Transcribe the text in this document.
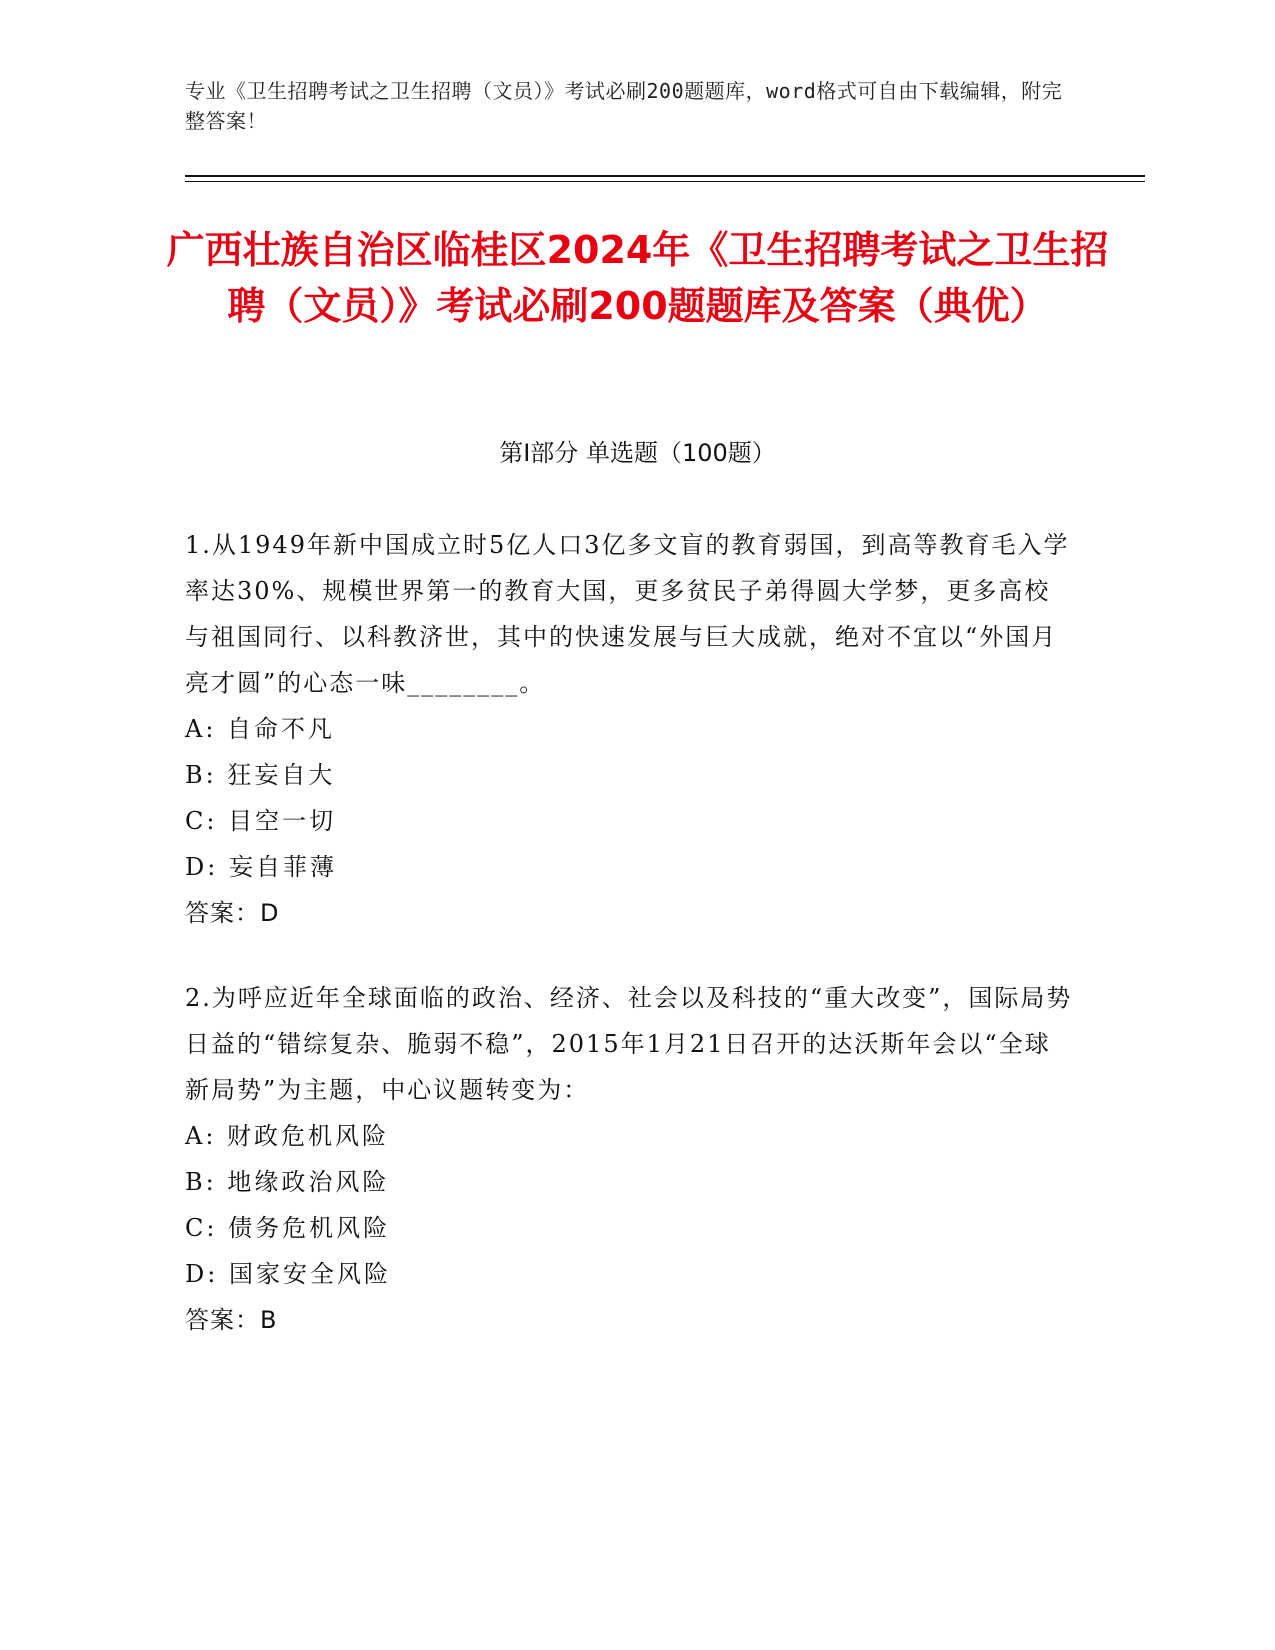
专业《卫生招聘考试之卫生招聘（文员）》考试必刷200题题库，word格式可自由下载编辑，附完整答案！
广西壮族自治区临桂区2024年《卫生招聘考试之卫生招聘（文员）》考试必刷200题题库及答案（典优）
第Ⅰ部分 单选题（100题）

1.从1949年新中国成立时5亿人口3亿多文盲的教育弱国，到高等教育毛入学率达30%、规模世界第一的教育大国，更多贫民子弟得圆大学梦，更多高校与祖国同行、以科教济世，其中的快速发展与巨大成就，绝对不宜以“外国月亮才圆”的心态一味________。

A: 自命不凡

B: 狂妄自大

C: 目空一切

D: 妄自菲薄

答案：D

2.为呼应近年全球面临的政治、经济、社会以及科技的“重大改变”，国际局势日益的“错综复杂、脆弱不稳”，2015年1月21日召开的达沃斯年会以“全球新局势”为主题，中心议题转变为：

A: 财政危机风险

B: 地缘政治风险

C: 债务危机风险

D: 国家安全风险

答案：B
